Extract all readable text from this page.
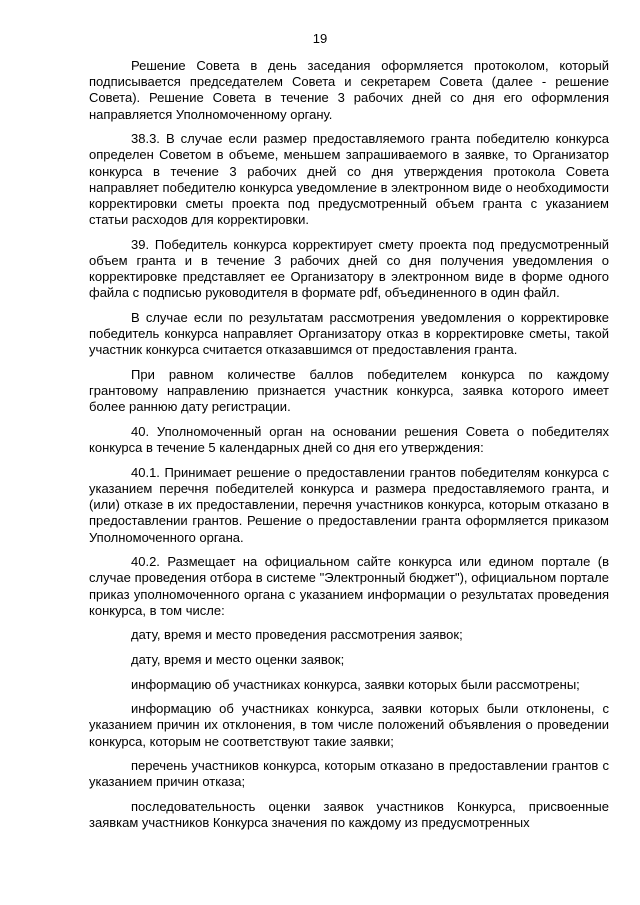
19

Решение Совета в день заседания оформляется протоколом, который подписывается председателем Совета и секретарем Совета (далее - решение Совета). Решение Совета в течение 3 рабочих дней со дня его оформления направляется Уполномоченному органу.

38.3. В случае если размер предоставляемого гранта победителю конкурса определен Советом в объеме, меньшем запрашиваемого в заявке, то Организатор конкурса в течение 3 рабочих дней со дня утверждения протокола Совета направляет победителю конкурса уведомление в электронном виде о необходимости корректировки сметы проекта под предусмотренный объем гранта с указанием статьи расходов для корректировки.

39. Победитель конкурса корректирует смету проекта под предусмотренный объем гранта и в течение 3 рабочих дней со дня получения уведомления о корректировке представляет ее Организатору в электронном виде в форме одного файла с подписью руководителя в формате pdf, объединенного в один файл.

В случае если по результатам рассмотрения уведомления о корректировке победитель конкурса направляет Организатору отказ в корректировке сметы, такой участник конкурса считается отказавшимся от предоставления гранта.

При равном количестве баллов победителем конкурса по каждому грантовому направлению признается участник конкурса, заявка которого имеет более раннюю дату регистрации.

40. Уполномоченный орган на основании решения Совета о победителях конкурса в течение 5 календарных дней со дня его утверждения:

40.1. Принимает решение о предоставлении грантов победителям конкурса с указанием перечня победителей конкурса и размера предоставляемого гранта, и (или) отказе в их предоставлении, перечня участников конкурса, которым отказано в предоставлении грантов. Решение о предоставлении гранта оформляется приказом Уполномоченного органа.

40.2. Размещает на официальном сайте конкурса или едином портале (в случае проведения отбора в системе "Электронный бюджет"), официальном портале приказ уполномоченного органа с указанием информации о результатах проведения конкурса, в том числе:

дату, время и место проведения рассмотрения заявок;

дату, время и место оценки заявок;

информацию об участниках конкурса, заявки которых были рассмотрены;

информацию об участниках конкурса, заявки которых были отклонены, с указанием причин их отклонения, в том числе положений объявления о проведении конкурса, которым не соответствуют такие заявки;

перечень участников конкурса, которым отказано в предоставлении грантов с указанием причин отказа;

последовательность оценки заявок участников Конкурса, присвоенные заявкам участников Конкурса значения по каждому из предусмотренных
